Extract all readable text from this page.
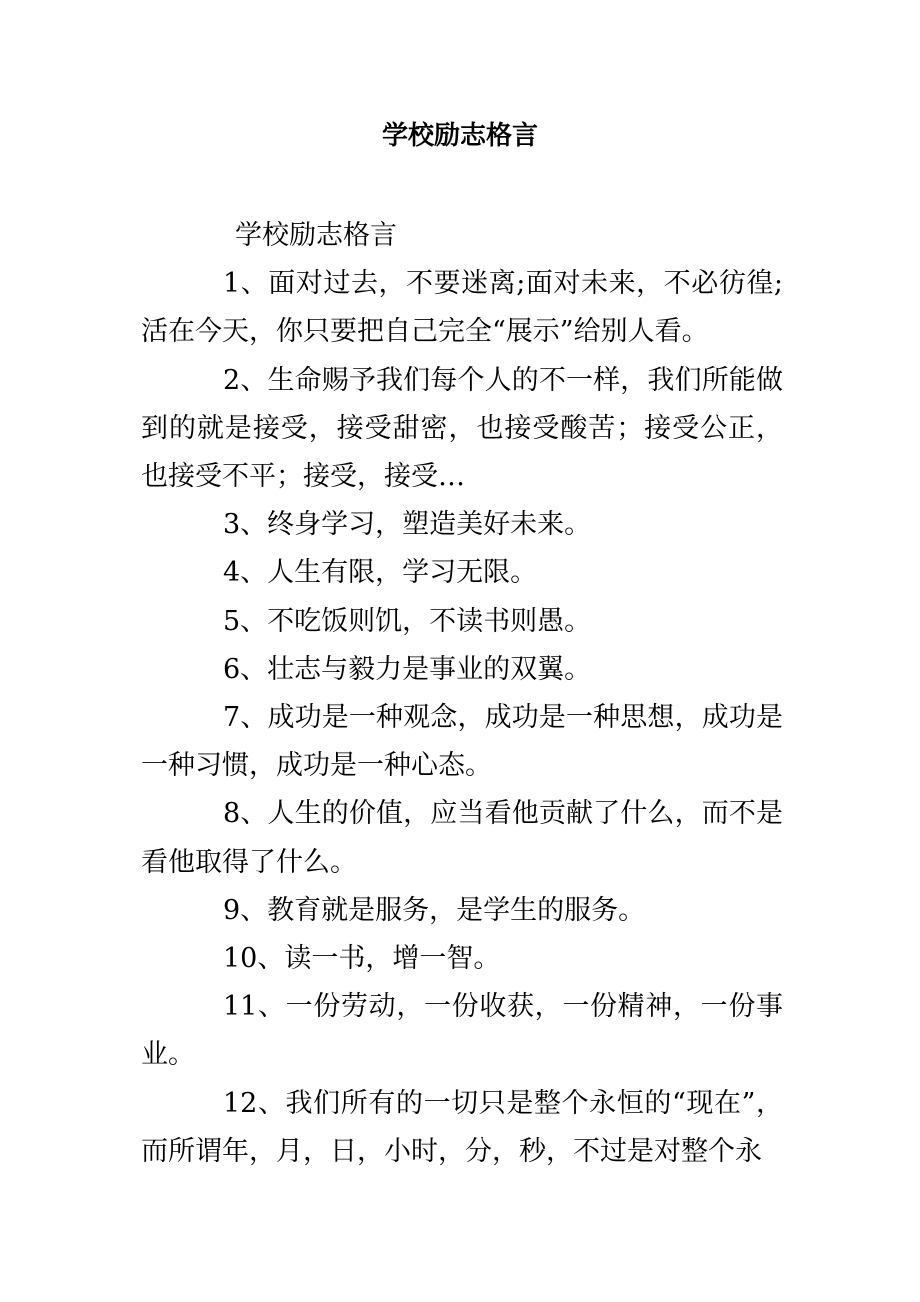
学校励志格言

学校励志格言

1、面对过去，不要迷离;面对未来，不必彷徨;活在今天，你只要把自己完全“展示”给别人看。

2、生命赐予我们每个人的不一样，我们所能做到的就是接受，接受甜密，也接受酸苦；接受公正，也接受不平；接受，接受…

3、终身学习，塑造美好未来。

4、人生有限，学习无限。

5、不吃饭则饥，不读书则愚。

6、壮志与毅力是事业的双翼。

7、成功是一种观念，成功是一种思想，成功是一种习惯，成功是一种心态。

8、人生的价值，应当看他贡献了什么，而不是看他取得了什么。

9、教育就是服务，是学生的服务。

10、读一书，增一智。

11、一份劳动，一份收获，一份精神，一份事业。

12、我们所有的一切只是整个永恒的“现在”，而所谓年，月，日，小时，分，秒，不过是对整个永
